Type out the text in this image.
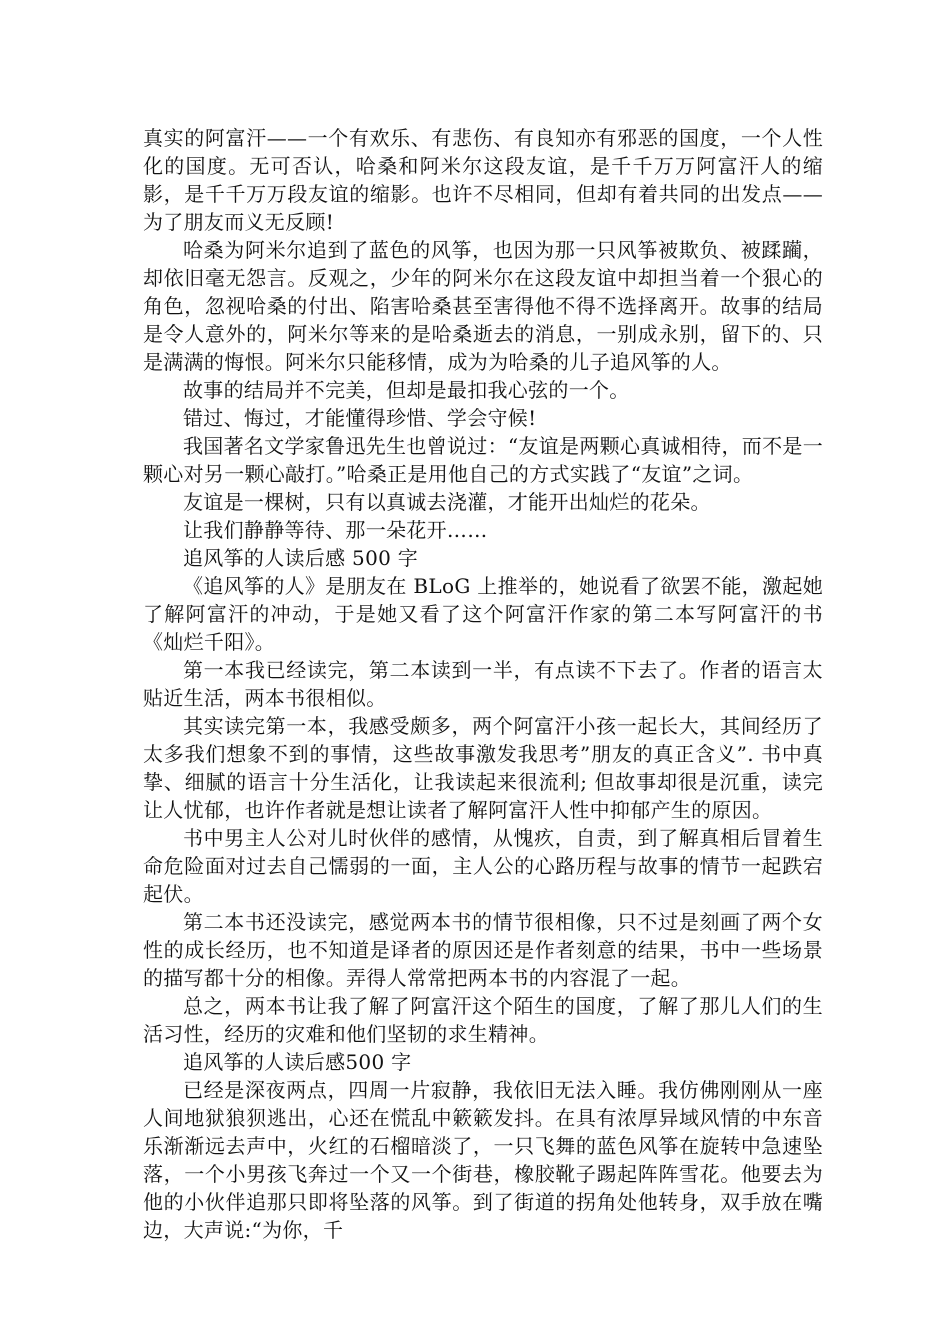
真实的阿富汗——一个有欢乐、有悲伤、有良知亦有邪恶的国度，一个人性化的国度。无可否认，哈桑和阿米尔这段友谊，是千千万万阿富汗人的缩影，是千千万万段友谊的缩影。也许不尽相同，但却有着共同的出发点——为了朋友而义无反顾!

哈桑为阿米尔追到了蓝色的风筝，也因为那一只风筝被欺负、被蹂躏，却依旧毫无怨言。反观之，少年的阿米尔在这段友谊中却担当着一个狠心的角色，忽视哈桑的付出、陷害哈桑甚至害得他不得不选择离开。故事的结局是令人意外的，阿米尔等来的是哈桑逝去的消息，一别成永别，留下的、只是满满的悔恨。阿米尔只能移情，成为为哈桑的儿子追风筝的人。

故事的结局并不完美，但却是最扣我心弦的一个。

错过、悔过，才能懂得珍惜、学会守候!

我国著名文学家鲁迅先生也曾说过：“友谊是两颗心真诚相待，而不是一颗心对另一颗心敲打。”哈桑正是用他自己的方式实践了“友谊”之词。

友谊是一棵树，只有以真诚去浇灌，才能开出灿烂的花朵。

让我们静静等待、那一朵花开……

追风筝的人读后感 500 字

《追风筝的人》是朋友在 BLoG 上推举的，她说看了欲罢不能，激起她了解阿富汗的冲动，于是她又看了这个阿富汗作家的第二本写阿富汗的书《灿烂千阳》。

第一本我已经读完，第二本读到一半，有点读不下去了。作者的语言太贴近生活，两本书很相似。

其实读完第一本，我感受颇多，两个阿富汗小孩一起长大，其间经历了太多我们想象不到的事情，这些故事激发我思考”朋友的真正含义”. 书中真挚、细腻的语言十分生活化，让我读起来很流利; 但故事却很是沉重，读完让人忧郁，也许作者就是想让读者了解阿富汗人性中抑郁产生的原因。

书中男主人公对儿时伙伴的感情，从愧疚，自责，到了解真相后冒着生命危险面对过去自己懦弱的一面，主人公的心路历程与故事的情节一起跌宕起伏。

第二本书还没读完，感觉两本书的情节很相像，只不过是刻画了两个女性的成长经历，也不知道是译者的原因还是作者刻意的结果，书中一些场景的描写都十分的相像。弄得人常常把两本书的内容混了一起。

总之，两本书让我了解了阿富汗这个陌生的国度，了解了那儿人们的生活习性，经历的灾难和他们坚韧的求生精神。

追风筝的人读后感500 字

已经是深夜两点，四周一片寂静，我依旧无法入睡。我仿佛刚刚从一座人间地狱狼狈逃出，心还在慌乱中簌簌发抖。在具有浓厚异域风情的中东音乐渐渐远去声中，火红的石榴暗淡了，一只飞舞的蓝色风筝在旋转中急速坠落，一个小男孩飞奔过一个又一个街巷，橡胶靴子踢起阵阵雪花。他要去为他的小伙伴追那只即将坠落的风筝。到了街道的拐角处他转身，双手放在嘴边，大声说:“为你，千
